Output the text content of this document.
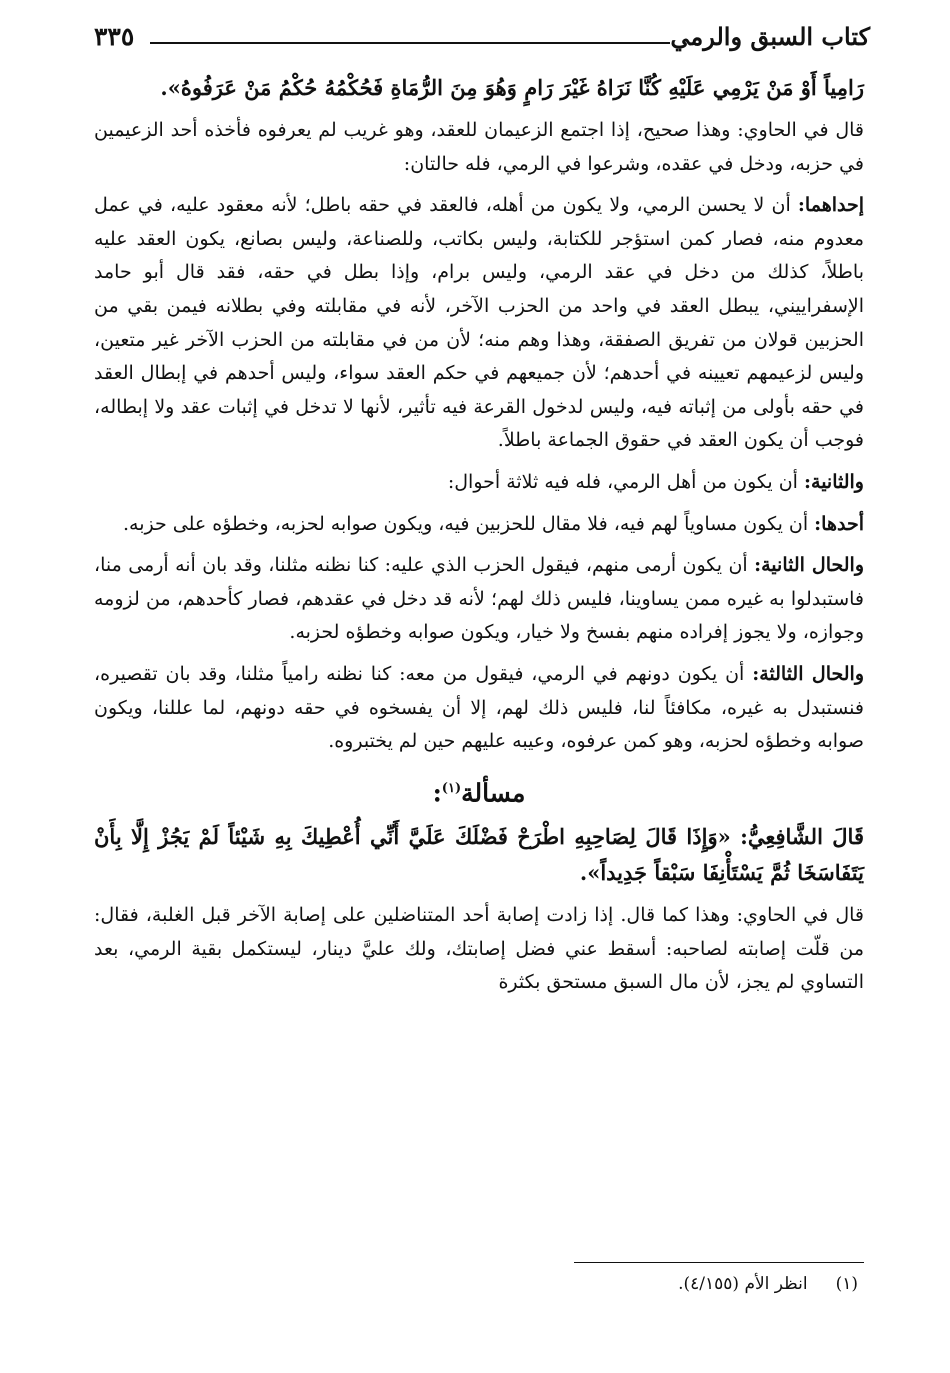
٣٣٥	كتاب السبق والرمي
رَامِياً أَوْ مَنْ يَرْمِي عَلَيْهِ كُنَّا نَرَاهُ غَيْرَ رَامٍ وَهُوَ مِنَ الرُّمَاةِ فَحُكْمُهُ حُكْمُ مَنْ عَرَفُوهُ».

قال في الحاوي: وهذا صحيح، إذا اجتمع الزعيمان للعقد، وهو غريب لم يعرفوه فأخذه أحد الزعيمين في حزبه، ودخل في عقده، وشرعوا في الرمي، فله حالتان:

إحداهما: أن لا يحسن الرمي، ولا يكون من أهله، فالعقد في حقه باطل؛ لأنه معقود عليه، في عمل معدوم منه، فصار كمن استؤجر للكتابة، وليس بكاتب، وللصناعة، وليس بصانع، يكون العقد عليه باطلاً، كذلك من دخل في عقد الرمي، وليس برام، وإذا بطل في حقه، فقد قال أبو حامد الإسفراييني، يبطل العقد في واحد من الحزب الآخر، لأنه في مقابلته وفي بطلانه فيمن بقي من الحزبين قولان من تفريق الصفقة، وهذا وهم منه؛ لأن من في مقابلته من الحزب الآخر غير متعين، وليس لزعيمهم تعيينه في أحدهم؛ لأن جميعهم في حكم العقد سواء، وليس أحدهم في إبطال العقد في حقه بأولى من إثباته فيه، وليس لدخول القرعة فيه تأثير، لأنها لا تدخل في إثبات عقد ولا إبطاله، فوجب أن يكون العقد في حقوق الجماعة باطلاً.

والثانية: أن يكون من أهل الرمي، فله فيه ثلاثة أحوال:

أحدها: أن يكون مساوياً لهم فيه، فلا مقال للحزبين فيه، ويكون صوابه لحزبه، وخطؤه على حزبه.

والحال الثانية: أن يكون أرمى منهم، فيقول الحزب الذي عليه: كنا نظنه مثلنا، وقد بان أنه أرمى منا، فاستبدلوا به غيره ممن يساوينا، فليس ذلك لهم؛ لأنه قد دخل في عقدهم، فصار كأحدهم، من لزومه وجوازه، ولا يجوز إفراده منهم بفسخ ولا خيار، ويكون صوابه وخطؤه لحزبه.

والحال الثالثة: أن يكون دونهم في الرمي، فيقول من معه: كنا نظنه رامياً مثلنا، وقد بان تقصيره، فنستبدل به غيره، مكافئاً لنا، فليس ذلك لهم، إلا أن يفسخوه في حقه دونهم، لما عللنا، ويكون صوابه وخطؤه لحزبه، وهو كمن عرفوه، وعيبه عليهم حين لم يختبروه.

مسألة$^{(١)}$:
قَالَ الشَّافِعِيُّ: «وَإِذَا قَالَ لِصَاحِبِهِ اطْرَحْ فَضْلَكَ عَلَيَّ أَنِّي أُعْطِيكَ بِهِ شَيْئاً لَمْ يَجُزْ إِلَّا بِأَنْ يَتَفَاسَخَا ثُمَّ يَسْتَأْنِفَا سَبْقاً جَدِيداً».

قال في الحاوي: وهذا كما قال. إذا زادت إصابة أحد المتناضلين على إصابة الآخر قبل الغلبة، فقال: من قلّت إصابته لصاحبه: أسقط عني فضل إصابتك، ولك عليَّ دينار، ليستكمل بقية الرمي، بعد التساوي لم يجز، لأن مال السبق مستحق بكثرة

(١)انظر الأم (٤/١٥٥).
